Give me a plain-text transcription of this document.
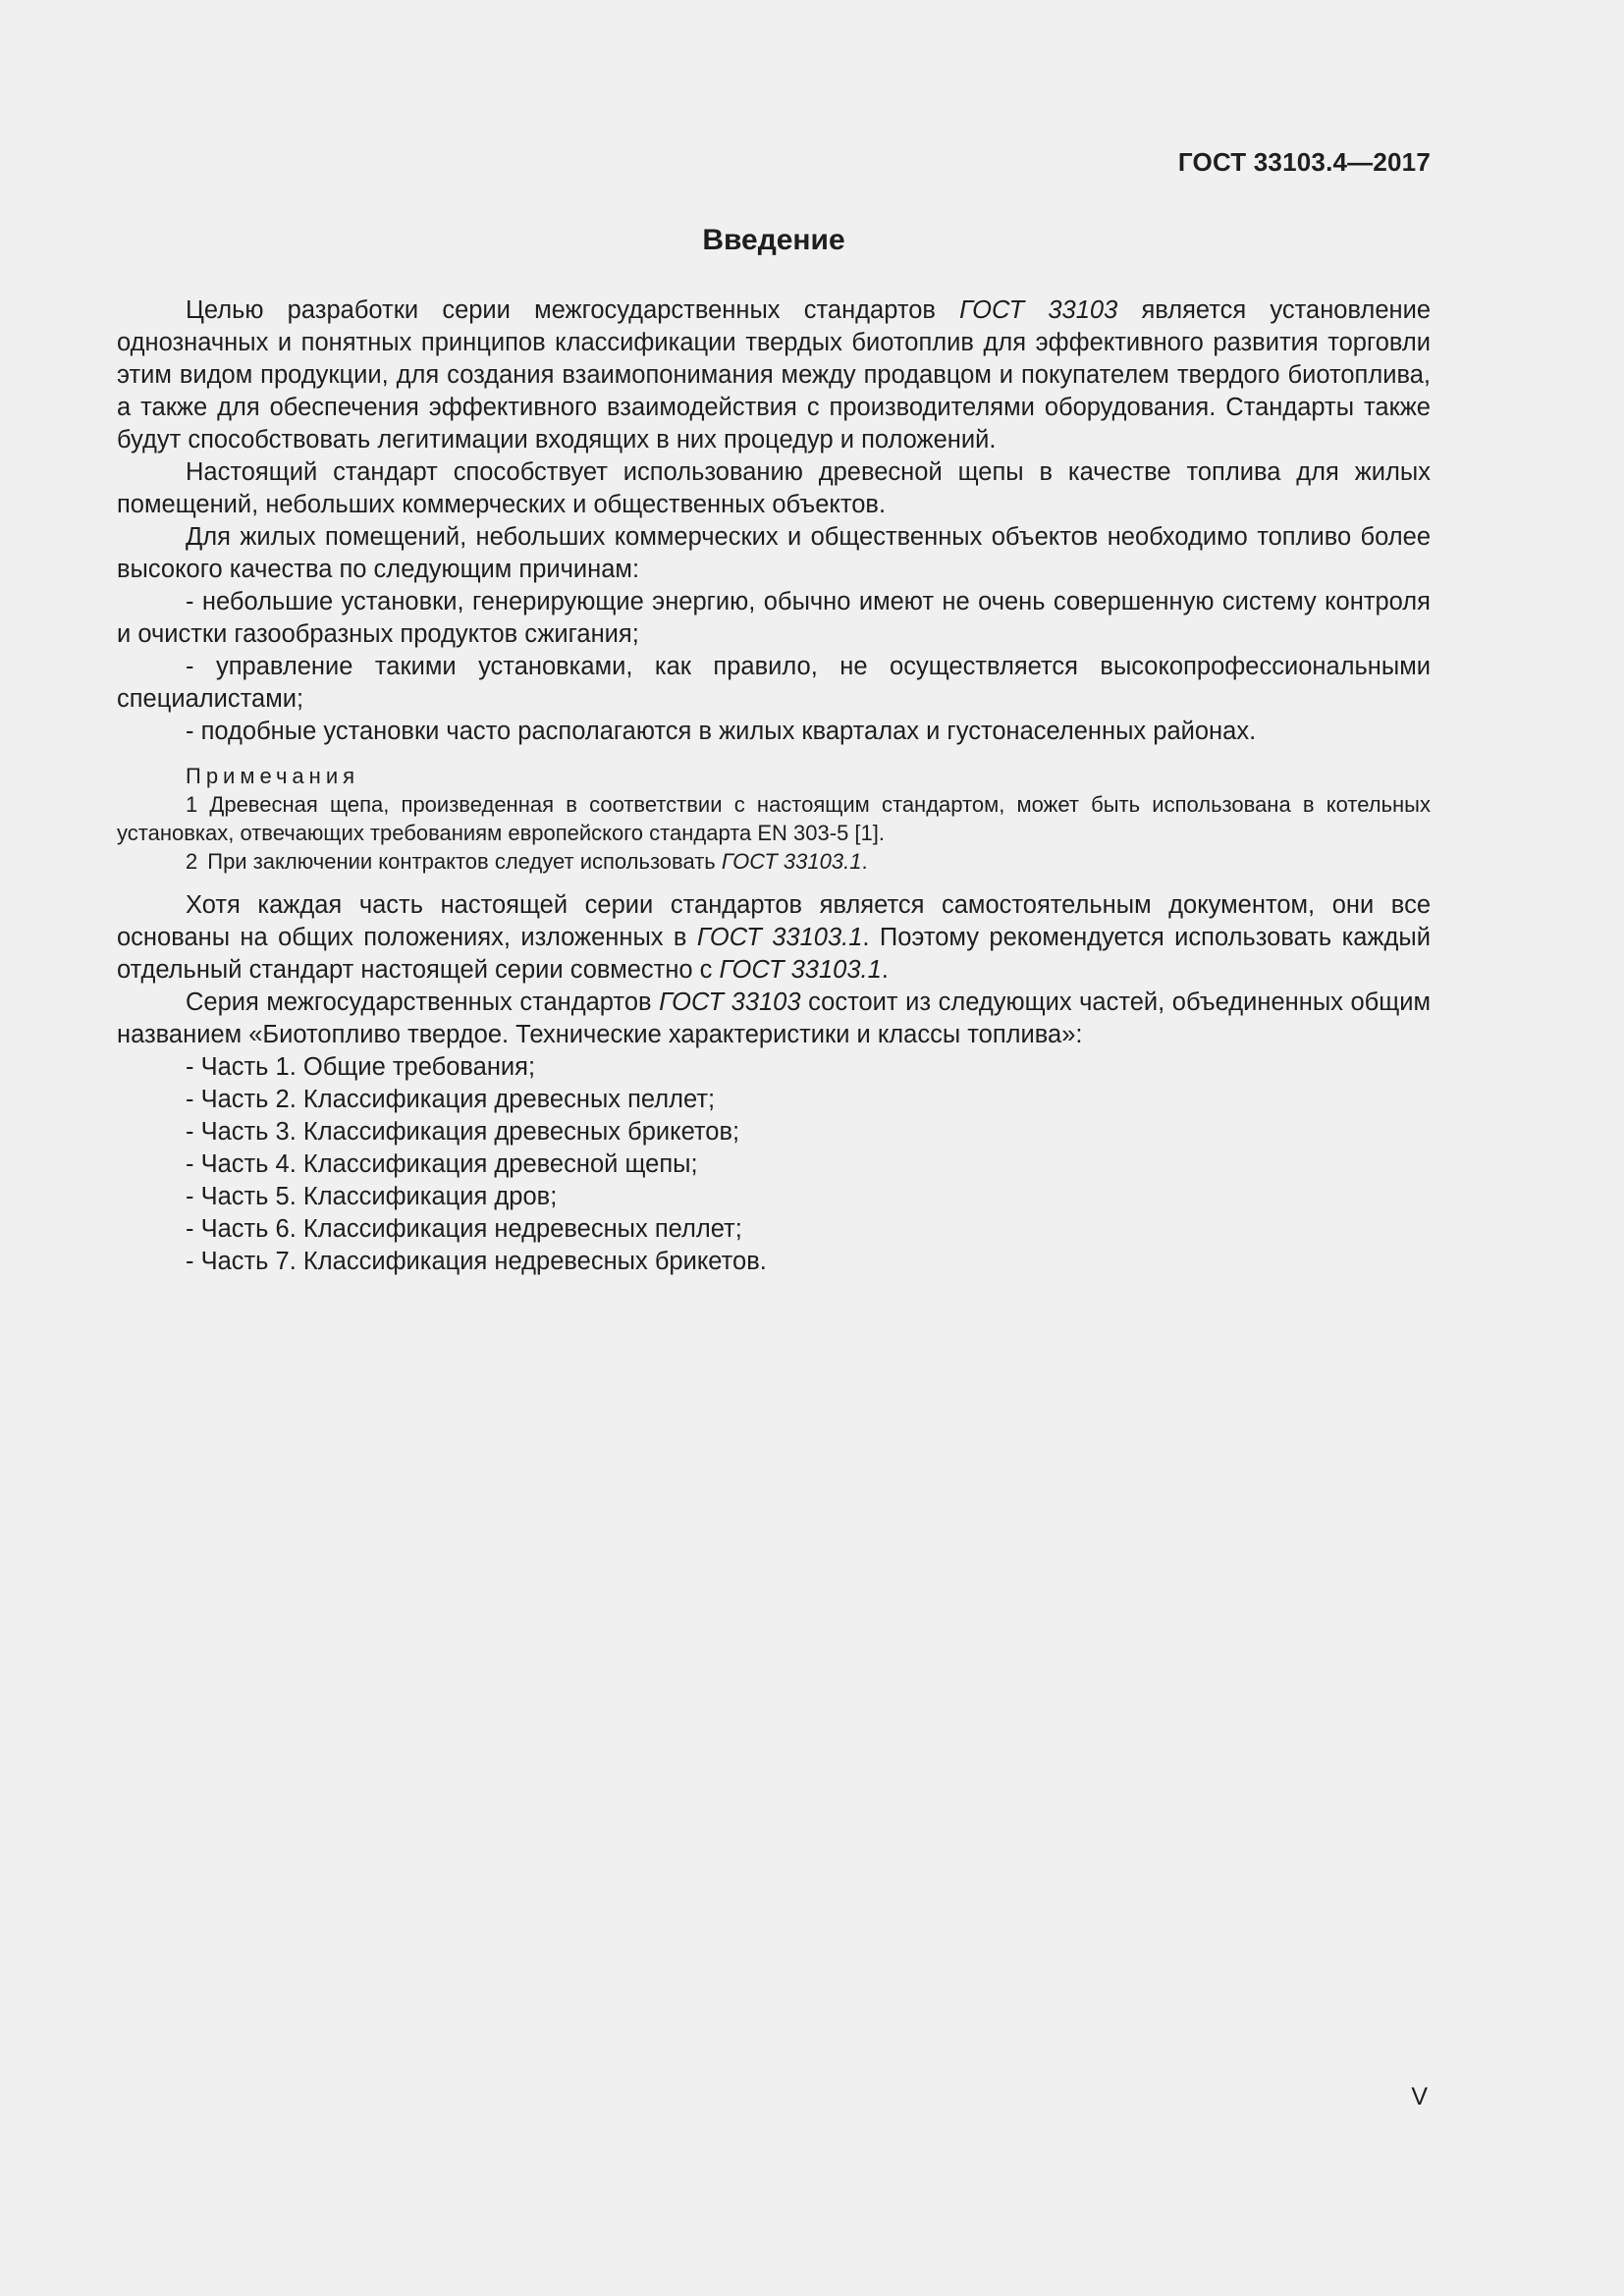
ГОСТ 33103.4—2017
Введение

Целью разработки серии межгосударственных стандартов ГОСТ 33103 является установление однозначных и понятных принципов классификации твердых биотоплив для эффективного развития торговли этим видом продукции, для создания взаимопонимания между продавцом и покупателем твердого биотоплива, а также для обеспечения эффективного взаимодействия с производителями оборудования. Стандарты также будут способствовать легитимации входящих в них процедур и положений.

Настоящий стандарт способствует использованию древесной щепы в качестве топлива для жилых помещений, небольших коммерческих и общественных объектов.

Для жилых помещений, небольших коммерческих и общественных объектов необходимо топливо более высокого качества по следующим причинам:

- небольшие установки, генерирующие энергию, обычно имеют не очень совершенную систему контроля и очистки газообразных продуктов сжигания;

- управление такими установками, как правило, не осуществляется высокопрофессиональными специалистами;

- подобные установки часто располагаются в жилых кварталах и густонаселенных районах.

Примечания

1 Древесная щепа, произведенная в соответствии с настоящим стандартом, может быть использована в котельных установках, отвечающих требованиям европейского стандарта EN 303-5 [1].

2 При заключении контрактов следует использовать ГОСТ 33103.1.

Хотя каждая часть настоящей серии стандартов является самостоятельным документом, они все основаны на общих положениях, изложенных в ГОСТ 33103.1. Поэтому рекомендуется использовать каждый отдельный стандарт настоящей серии совместно с ГОСТ 33103.1.

Серия межгосударственных стандартов ГОСТ 33103 состоит из следующих частей, объединенных общим названием «Биотопливо твердое. Технические характеристики и классы топлива»:

- Часть 1. Общие требования;

- Часть 2. Классификация древесных пеллет;

- Часть 3. Классификация древесных брикетов;

- Часть 4. Классификация древесной щепы;

- Часть 5. Классификация дров;

- Часть 6. Классификация недревесных пеллет;

- Часть 7. Классификация недревесных брикетов.

V
